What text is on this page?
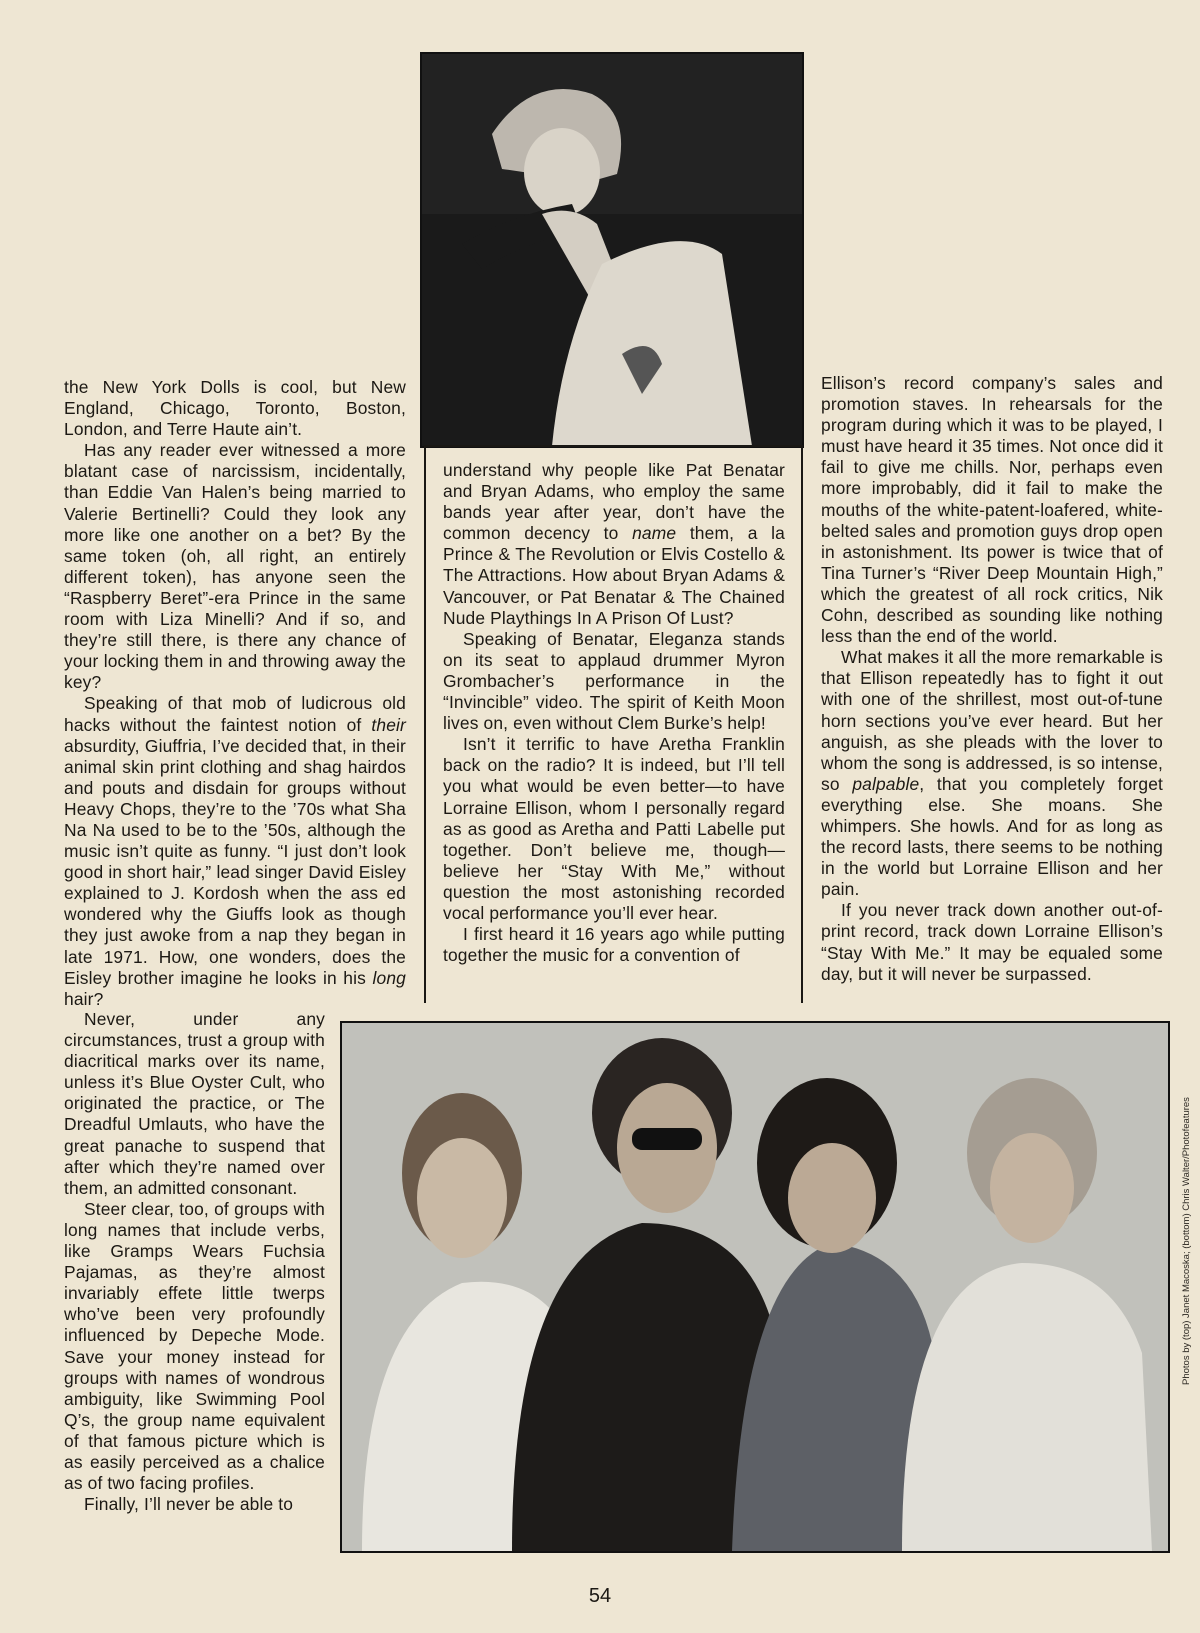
the New York Dolls is cool, but New England, Chicago, Toronto, Boston, London, and Terre Haute ain’t.

Has any reader ever witnessed a more blatant case of narcissism, incidentally, than Eddie Van Halen’s being married to Valerie Bertinelli? Could they look any more like one another on a bet? By the same token (oh, all right, an entirely different token), has anyone seen the “Raspberry Beret”-era Prince in the same room with Liza Minelli? And if so, and they’re still there, is there any chance of your locking them in and throwing away the key?

Speaking of that mob of ludicrous old hacks without the faintest notion of their absurdity, Giuffria, I’ve decided that, in their animal skin print clothing and shag hairdos and pouts and disdain for groups without Heavy Chops, they’re to the ’70s what Sha Na Na used to be to the ’50s, although the music isn’t quite as funny. “I just don’t look good in short hair,” lead singer David Eisley explained to J. Kordosh when the ass ed wondered why the Giuffs look as though they just awoke from a nap they began in late 1971. How, one wonders, does the Eisley brother imagine he looks in his long hair?

Never, under any circumstances, trust a group with diacritical marks over its name, unless it’s Blue Oyster Cult, who originated the practice, or The Dreadful Umlauts, who have the great panache to suspend that after which they’re named over them, an admitted consonant.

Steer clear, too, of groups with long names that include verbs, like Gramps Wears Fuchsia Pajamas, as they’re almost invariably effete little twerps who’ve been very profoundly influenced by Depeche Mode. Save your money instead for groups with names of wondrous ambiguity, like Swimming Pool Q’s, the group name equivalent of that famous picture which is as easily perceived as a chalice as of two facing profiles.

Finally, I’ll never be able to

understand why people like Pat Benatar and Bryan Adams, who employ the same bands year after year, don’t have the common decency to name them, a la Prince & The Revolution or Elvis Costello & The Attractions. How about Bryan Adams & Vancouver, or Pat Benatar & The Chained Nude Playthings In A Prison Of Lust?

Speaking of Benatar, Eleganza stands on its seat to applaud drummer Myron Grombacher’s performance in the “Invincible” video. The spirit of Keith Moon lives on, even without Clem Burke’s help!

Isn’t it terrific to have Aretha Franklin back on the radio? It is indeed, but I’ll tell you what would be even better—to have Lorraine Ellison, whom I personally regard as as good as Aretha and Patti Labelle put together. Don’t believe me, though—believe her “Stay With Me,” without question the most astonishing recorded vocal performance you’ll ever hear.

I first heard it 16 years ago while putting together the music for a convention of

Ellison’s record company’s sales and promotion staves. In rehearsals for the program during which it was to be played, I must have heard it 35 times. Not once did it fail to give me chills. Nor, perhaps even more improbably, did it fail to make the mouths of the white-patent-loafered, white-belted sales and promotion guys drop open in astonishment. Its power is twice that of Tina Turner’s “River Deep Mountain High,” which the greatest of all rock critics, Nik Cohn, described as sounding like nothing less than the end of the world.

What makes it all the more remarkable is that Ellison repeatedly has to fight it out with one of the shrillest, most out-of-tune horn sections you’ve ever heard. But her anguish, as she pleads with the lover to whom the song is addressed, is so intense, so palpable, that you completely forget everything else. She moans. She whimpers. She howls. And for as long as the record lasts, there seems to be nothing in the world but Lorraine Ellison and her pain.

If you never track down another out-of-print record, track down Lorraine Ellison’s “Stay With Me.” It may be equaled some day, but it will never be surpassed.

Photos by (top) Janet Macoska; (bottom) Chris Walter/Photofeatures
54
